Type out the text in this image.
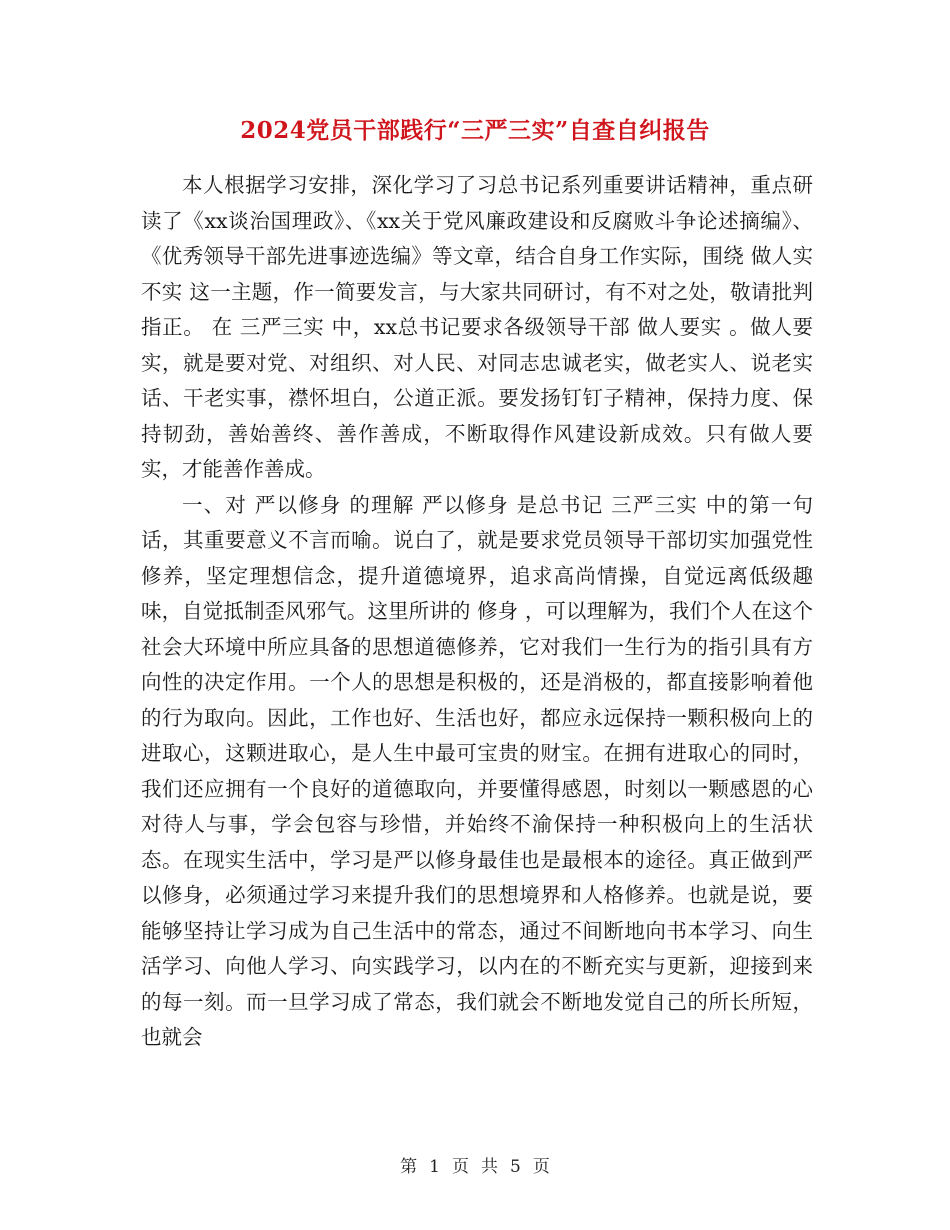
2024党员干部践行“三严三实”自查自纠报告

本人根据学习安排，深化学习了习总书记系列重要讲话精神，重点研读了《xx谈治国理政》、《xx关于党风廉政建设和反腐败斗争论述摘编》、《优秀领导干部先进事迹选编》等文章，结合自身工作实际，围绕 做人实不实 这一主题，作一简要发言，与大家共同研讨，有不对之处，敬请批判指正。 在 三严三实 中，xx总书记要求各级领导干部 做人要实 。做人要实，就是要对党、对组织、对人民、对同志忠诚老实，做老实人、说老实话、干老实事，襟怀坦白，公道正派。要发扬钉钉子精神，保持力度、保持韧劲，善始善终、善作善成，不断取得作风建设新成效。只有做人要实，才能善作善成。

一、对 严以修身 的理解 严以修身 是总书记 三严三实 中的第一句话，其重要意义不言而喻。说白了，就是要求党员领导干部切实加强党性修养，坚定理想信念，提升道德境界，追求高尚情操，自觉远离低级趣味，自觉抵制歪风邪气。这里所讲的 修身 ，可以理解为，我们个人在这个社会大环境中所应具备的思想道德修养，它对我们一生行为的指引具有方向性的决定作用。一个人的思想是积极的，还是消极的，都直接影响着他的行为取向。因此，工作也好、生活也好，都应永远保持一颗积极向上的进取心，这颗进取心，是人生中最可宝贵的财宝。在拥有进取心的同时，我们还应拥有一个良好的道德取向，并要懂得感恩，时刻以一颗感恩的心对待人与事，学会包容与珍惜，并始终不渝保持一种积极向上的生活状态。在现实生活中，学习是严以修身最佳也是最根本的途径。真正做到严以修身，必须通过学习来提升我们的思想境界和人格修养。也就是说，要能够坚持让学习成为自己生活中的常态，通过不间断地向书本学习、向生活学习、向他人学习、向实践学习，以内在的不断充实与更新，迎接到来的每一刻。而一旦学习成了常态，我们就会不断地发觉自己的所长所短，也就会

第 1 页 共 5 页
